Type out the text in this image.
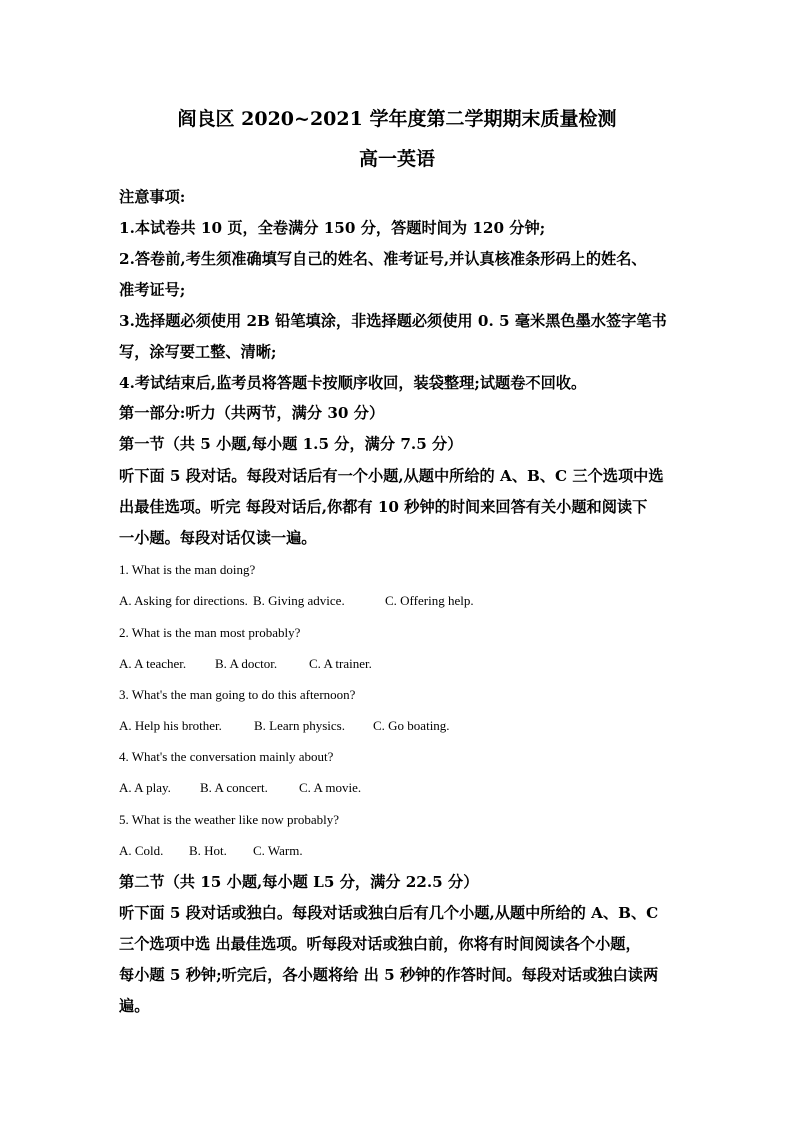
阎良区 2020~2021 学年度第二学期期末质量检测
高一英语
注意事项:
1.本试卷共 10 页，全卷满分 150 分，答题时间为 120 分钟;
2.答卷前,考生须准确填写自己的姓名、准考证号,并认真核准条形码上的姓名、
准考证号;
3.选择题必须使用 2B 铅笔填涂，非选择题必须使用 0. 5 毫米黑色墨水签字笔书
写，涂写要工整、清晰;
4.考试结束后,监考员将答题卡按顺序收回，装袋整理;试题卷不回收。
第一部分:听力（共两节，满分 30 分）
第一节（共 5 小题,每小题 1.5 分，满分 7.5 分）
听下面 5 段对话。每段对话后有一个小题,从题中所给的 A、B、C 三个选项中选
出最佳选项。听完 每段对话后,你都有 10 秒钟的时间来回答有关小题和阅读下
一小题。每段对话仅读一遍。
1. What is the man doing?
A. Asking for directions. B. Giving advice.	C. Offering help.
2. What is the man most probably?
A. A teacher. B. A doctor. C. A trainer.
3. What's the man going to do this afternoon?
A. Help his brother. B. Learn physics. C. Go boating.
4. What's the conversation mainly about?
A. A play. B. A concert. C. A movie.
5. What is the weather like now probably?
A. Cold. B. Hot. C. Warm.
第二节（共 15 小题,每小题 L5 分，满分 22.5 分）
听下面 5 段对话或独白。每段对话或独白后有几个小题,从题中所给的 A、B、C
三个选项中选 出最佳选项。听每段对话或独白前，你将有时间阅读各个小题，
每小题 5 秒钟;听完后，各小题将给 出 5 秒钟的作答时间。每段对话或独白读两
遍。
